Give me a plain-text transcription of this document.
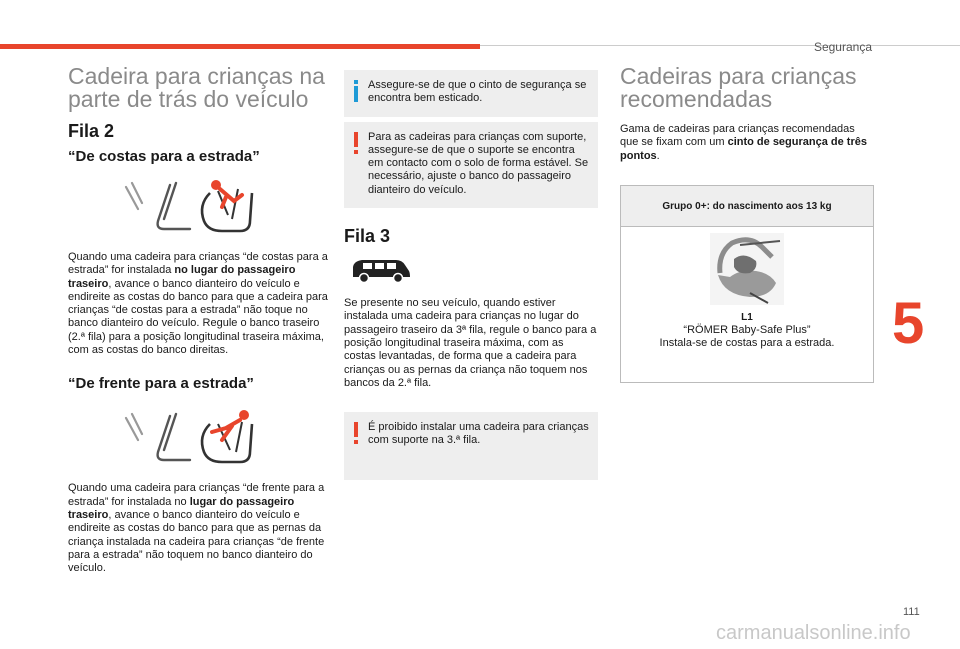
Segurança
5
111
carmanualsonline.info
Cadeira para crianças na
parte de trás do veículo
Fila 2
“De costas para a estrada”

Quando uma cadeira para crianças “de costas para a estrada” for instalada no lugar do passageiro traseiro, avance o banco dianteiro do veículo e endireite as costas do banco para que a cadeira para crianças “de costas para a estrada” não toque no banco dianteiro do veículo. Regule o banco traseiro (2.ª fila) para a posição longitudinal traseira máxima, com as costas do banco direitas.

“De frente para a estrada”

Quando uma cadeira para crianças “de frente para a estrada” for instalada no lugar do passageiro traseiro, avance o banco dianteiro do veículo e endireite as costas do banco para que as pernas da criança instalada na cadeira para crianças “de frente para a estrada” não toquem no banco dianteiro do veículo.

Assegure-se de que o cinto de segurança se encontra bem esticado.
Para as cadeiras para crianças com suporte, assegure-se de que o suporte se encontra em contacto com o solo de forma estável. Se necessário, ajuste o banco do passageiro dianteiro do veículo.
Fila 3

Se presente no seu veículo, quando estiver instalada uma cadeira para crianças no lugar do passageiro traseiro da 3ª fila, regule o banco para a posição longitudinal traseira máxima, com as costas levantadas, de forma que a cadeira para crianças ou as pernas da criança não toquem nos bancos da 2.ª fila.

É proibido instalar uma cadeira para crianças com suporte na 3.ª fila.
Cadeiras para crianças
recomendadas

Gama de cadeiras para crianças recomendadas que se fixam com um cinto de segurança de três pontos.

Grupo 0+: do nascimento aos 13 kg
L1
“RÖMER Baby-Safe Plus”
Instala-se de costas para a estrada.
